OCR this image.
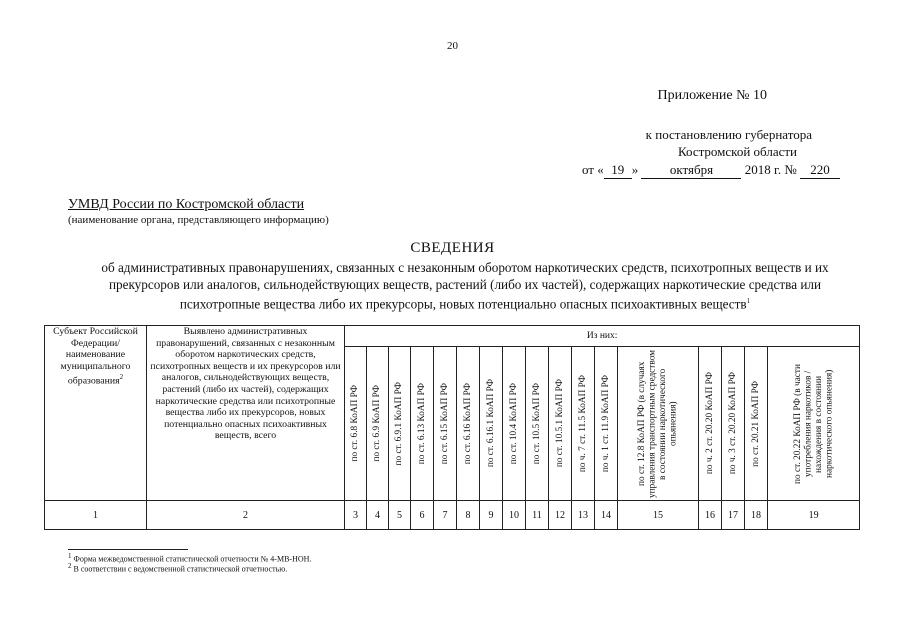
20
Приложение № 10
к постановлению губернатора
Костромской области
от « 19 » октября 2018 г. № 220
УМВД России по Костромской области
(наименование органа, представляющего информацию)
СВЕДЕНИЯ
об административных правонарушениях, связанных с незаконным оборотом наркотических средств, психотропных веществ и их прекурсоров или аналогов, сильнодействующих веществ, растений (либо их частей), содержащих наркотические средства или психотропные вещества либо их прекурсоры, новых потенциально опасных психоактивных веществ$^1$
Субъект Российской Федерации/ наименование муниципального образования$^2$	Выявлено административных правонарушений, связанных с незаконным оборотом наркотических средств, психотропных веществ и их прекурсоров или аналогов, сильнодействующих веществ, растений (либо их частей), содержащих наркотические средства или психотропные вещества либо их прекурсоров, новых потенциально опасных психоактивных веществ, всего	Из них:																

		по ст. 6.8 КоАП РФ	по ст. 6.9 КоАП РФ	по ст. 6.9.1 КоАП РФ	по ст. 6.13 КоАП РФ	по ст. 6.15 КоАП РФ	по ст. 6.16 КоАП РФ	по ст. 6.16.1 КоАП РФ	по ст. 10.4 КоАП РФ	по ст. 10.5 КоАП РФ	по ст. 10.5.1 КоАП РФ	по ч. 7 ст. 11.5 КоАП РФ	по ч. 1 ст. 11.9 КоАП РФ	по ст. 12.8 КоАП РФ (в случаях управления транспортным средством в состоянии наркотического опьянения)	по ч. 2 ст. 20.20 КоАП РФ	по ч. 3 ст. 20.20 КоАП РФ	по ст. 20.21 КоАП РФ	по ст. 20.22 КоАП РФ (в части употребления наркотиков /нахождения в состоянии наркотического опьянения)

1	2	3	4	5	6	7	8	9	10	11	12	13	14	15	16	17	18	19
$^1$ Форма межведомственной статистической отчетности № 4-МВ-НОН.
$^2$ В соответствии с ведомственной статистической отчетностью.
